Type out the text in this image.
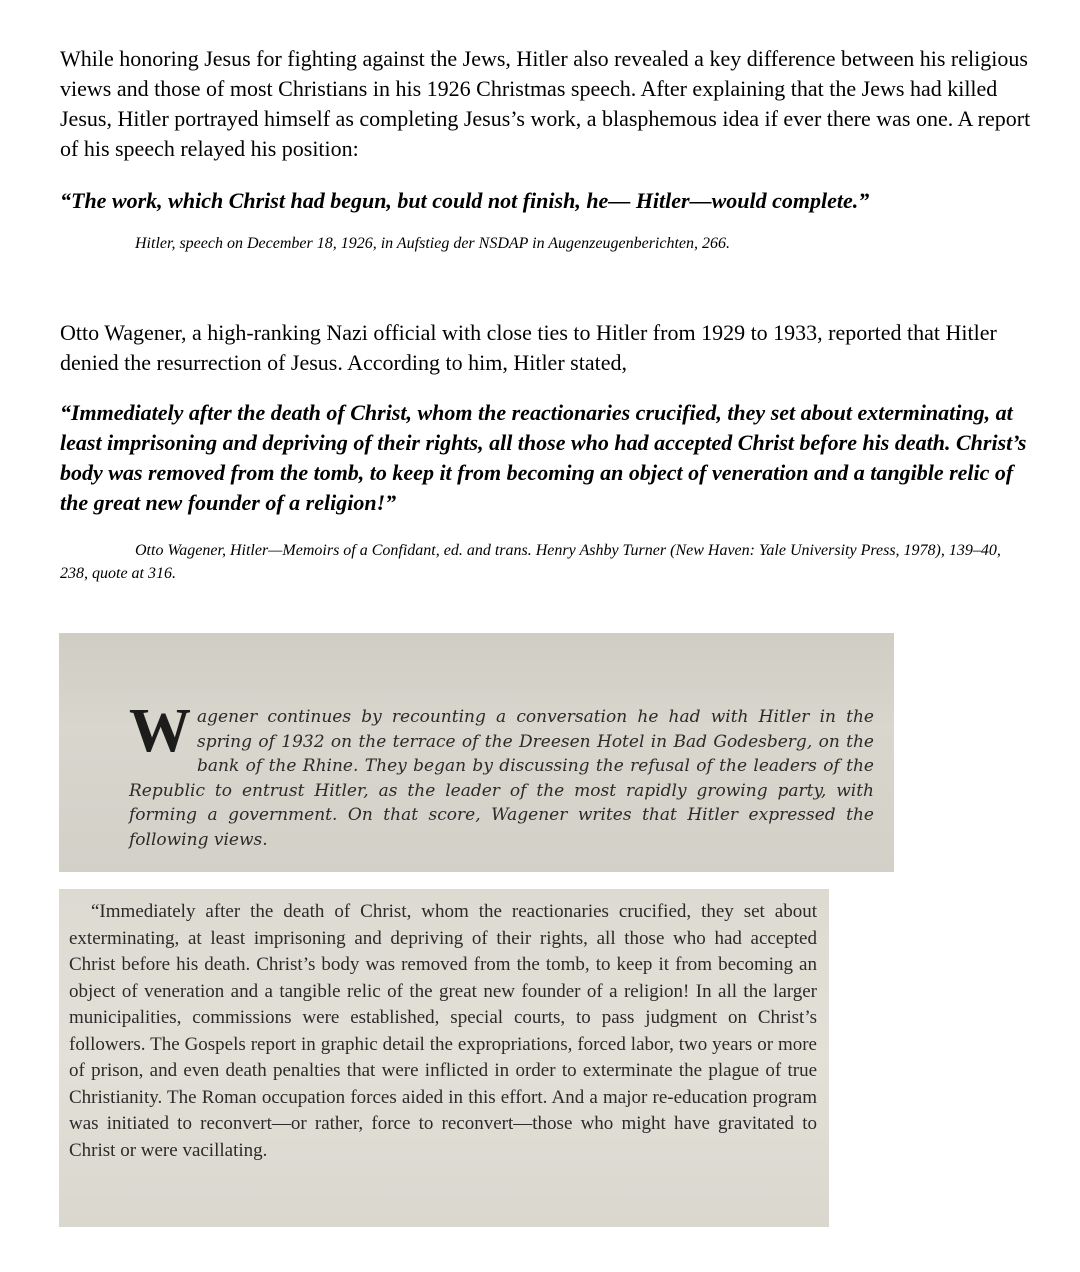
While honoring Jesus for fighting against the Jews, Hitler also revealed a key difference between his religious views and those of most Christians in his 1926 Christmas speech. After explaining that the Jews had killed Jesus, Hitler portrayed himself as completing Jesus’s work, a blasphemous idea if ever there was one. A report of his speech relayed his position:

“The work, which Christ had begun, but could not finish, he— Hitler—would complete.”

Hitler, speech on December 18, 1926, in Aufstieg der NSDAP in Augenzeugenberichten, 266.

Otto Wagener, a high-ranking Nazi official with close ties to Hitler from 1929 to 1933, reported that Hitler denied the resurrection of Jesus. According to him, Hitler stated,

“Immediately after the death of Christ, whom the reactionaries crucified, they set about exterminating, at least imprisoning and depriving of their rights, all those who had accepted Christ before his death. Christ’s body was removed from the tomb, to keep it from becoming an object of veneration and a tangible relic of the great new founder of a religion!”

Otto Wagener, Hitler—Memoirs of a Confidant, ed. and trans. Henry Ashby Turner (New Haven: Yale University Press, 1978), 139–40, 238, quote at 316.

Wagener continues by recounting a conversation he had with Hitler in the spring of 1932 on the terrace of the Dreesen Hotel in Bad Godesberg, on the bank of the Rhine. They began by discussing the refusal of the leaders of the Republic to entrust Hitler, as the leader of the most rapidly growing party, with forming a government. On that score, Wagener writes that Hitler expressed the following views.
“Immediately after the death of Christ, whom the reactionaries crucified, they set about exterminating, at least imprisoning and depriving of their rights, all those who had accepted Christ before his death. Christ’s body was removed from the tomb, to keep it from becoming an object of veneration and a tangible relic of the great new founder of a religion! In all the larger municipalities, commissions were established, special courts, to pass judgment on Christ’s followers. The Gospels report in graphic detail the expropriations, forced labor, two years or more of prison, and even death penalties that were inflicted in order to exterminate the plague of true Christianity. The Roman occupation forces aided in this effort. And a major re-education program was initiated to reconvert—or rather, force to reconvert—those who might have gravitated to Christ or were vacillating.
